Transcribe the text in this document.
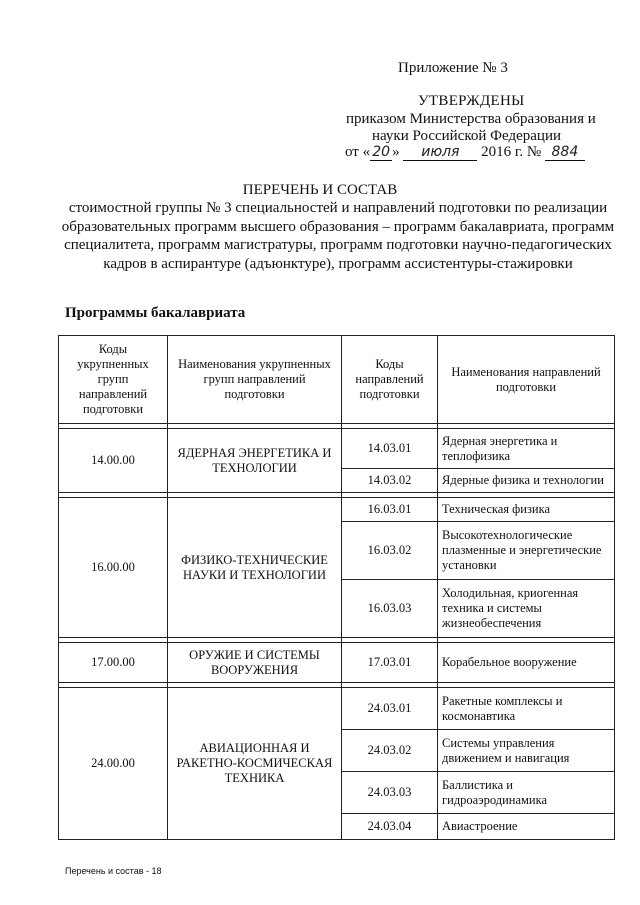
Приложение № 3
УТВЕРЖДЕНЫ
приказом Министерства образования и
науки Российской Федерации
от « 20 » июля 2016 г. № 884
ПЕРЕЧЕНЬ И СОСТАВ
стоимостной группы № 3 специальностей и направлений подготовки по реализации образовательных программ высшего образования – программ бакалавриата, программ специалитета, программ магистратуры, программ подготовки научно-педагогических кадров в аспирантуре (адъюнктуре), программ ассистентуры-стажировки
Программы бакалавриата
Коды укрупненных групп направлений подготовки	Наименования укрупненных групп направлений подготовки	Коды направлений подготовки	Наименования направлений подготовки

14.00.00	ЯДЕРНАЯ ЭНЕРГЕТИКА И ТЕХНОЛОГИИ	14.03.01	Ядерная энергетика и теплофизика
		14.03.02	Ядерные физика и технологии

16.00.00	ФИЗИКО-ТЕХНИЧЕСКИЕ НАУКИ И ТЕХНОЛОГИИ	16.03.01	Техническая физика
		16.03.02	Высокотехнологические плазменные и энергетические установки
		16.03.03	Холодильная, криогенная техника и системы жизнеобеспечения

17.00.00	ОРУЖИЕ И СИСТЕМЫ ВООРУЖЕНИЯ	17.03.01	Корабельное вооружение

24.00.00	АВИАЦИОННАЯ И РАКЕТНО-КОСМИЧЕСКАЯ ТЕХНИКА	24.03.01	Ракетные комплексы и космонавтика
		24.03.02	Системы управления движением и навигация
		24.03.03	Баллистика и гидроаэродинамика
		24.03.04	Авиастроение
Перечень и состав - 18
